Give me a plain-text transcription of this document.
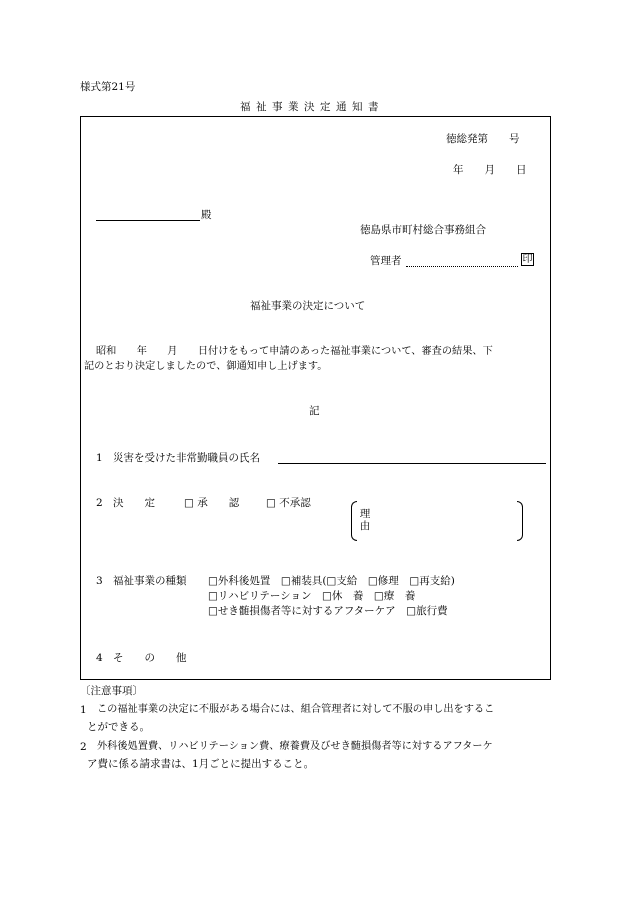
様式第21号
福祉事業決定通知書
徳総発第　　号
年　　月　　日
殿
徳島県市町村総合事務組合
管理者	印
福祉事業の決定について
昭和　　年　　月　　日付けをもって申請のあった福祉事業について、審査の結果、下
記のとおり決定しましたので、御通知申し上げます。
記
1 災害を受けた非常勤職員の氏名
2 決　　定	□ 承　　認	□ 不承認
理由
3 福祉事業の種類 □外科後処置　□補装具(□支給　□修理　□再支給)
□リハビリテーション　□休　養　□療　養
□せき髄損傷者等に対するアフターケア　□旅行費
4 そ　　の　　他
〔注意事項〕
1 この福祉事業の決定に不服がある場合には、組合管理者に対して不服の申し出をするこ
とができる。
2 外科後処置費、リハビリテーション費、療養費及びせき髄損傷者等に対するアフターケ
ア費に係る請求書は、1月ごとに提出すること。
